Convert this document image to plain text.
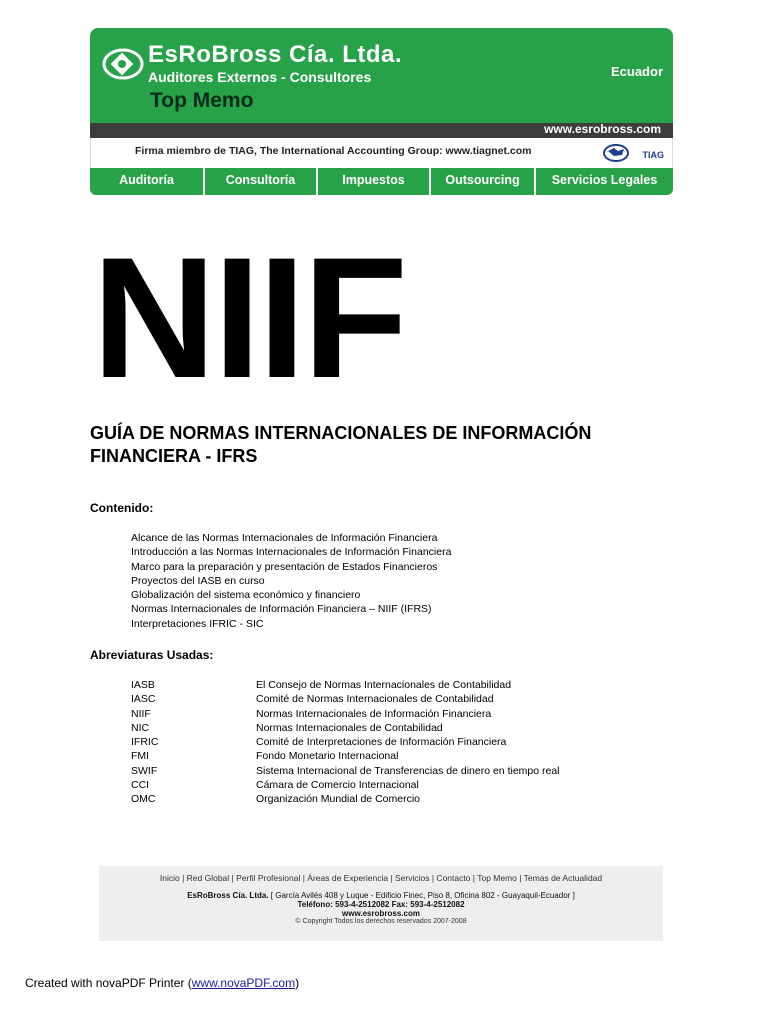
EsRoBross Cía. Ltda.
Auditores Externos - Consultores
Top Memo
Ecuador
www.esrobross.com
Firma miembro de TIAG, The International Accounting Group: www.tiagnet.com	TIAG
Auditoría	Consultoría	Impuestos	Outsourcing	Servicios Legales
NIIF
GUÍA DE NORMAS INTERNACIONALES DE INFORMACIÓN
FINANCIERA - IFRS
Contenido:
Alcance de las Normas Internacionales de Información Financiera
Introducción a las Normas Internacionales de Información Financiera
Marco para la preparación y presentación de Estados Financieros
Proyectos del IASB en curso
Globalización del sistema económico y financiero
Normas Internacionales de Información Financiera – NIIF (IFRS)
Interpretaciones IFRIC - SIC
Abreviaturas Usadas:
IASB	El Consejo de Normas Internacionales de Contabilidad
IASC	Comité de Normas Internacionales de Contabilidad
NIIF	Normas Internacionales de Información Financiera
NIC	Normas Internacionales de Contabilidad
IFRIC	Comité de Interpretaciones de Información Financiera
FMI	Fondo Monetario Internacional
SWIF	Sistema Internacional de Transferencias de dinero en tiempo real
CCI	Cámara de Comercio Internacional
OMC	Organización Mundial de Comercio
Inicio | Red Global | Perfil Profesional | Áreas de Experiencia | Servicios | Contacto | Top Memo | Temas de Actualidad
EsRoBross Cía. Ltda. [ García Avilés 408 y Luque - Edificio Finec, Piso 8, Oficina 802 - Guayaquil-Ecuador ]
Teléfono: 593-4-2512082 Fax: 593-4-2512082
www.esrobross.com
© Copyright Todos los derechos reservados 2007-2008
Created with novaPDF Printer (www.novaPDF.com)
